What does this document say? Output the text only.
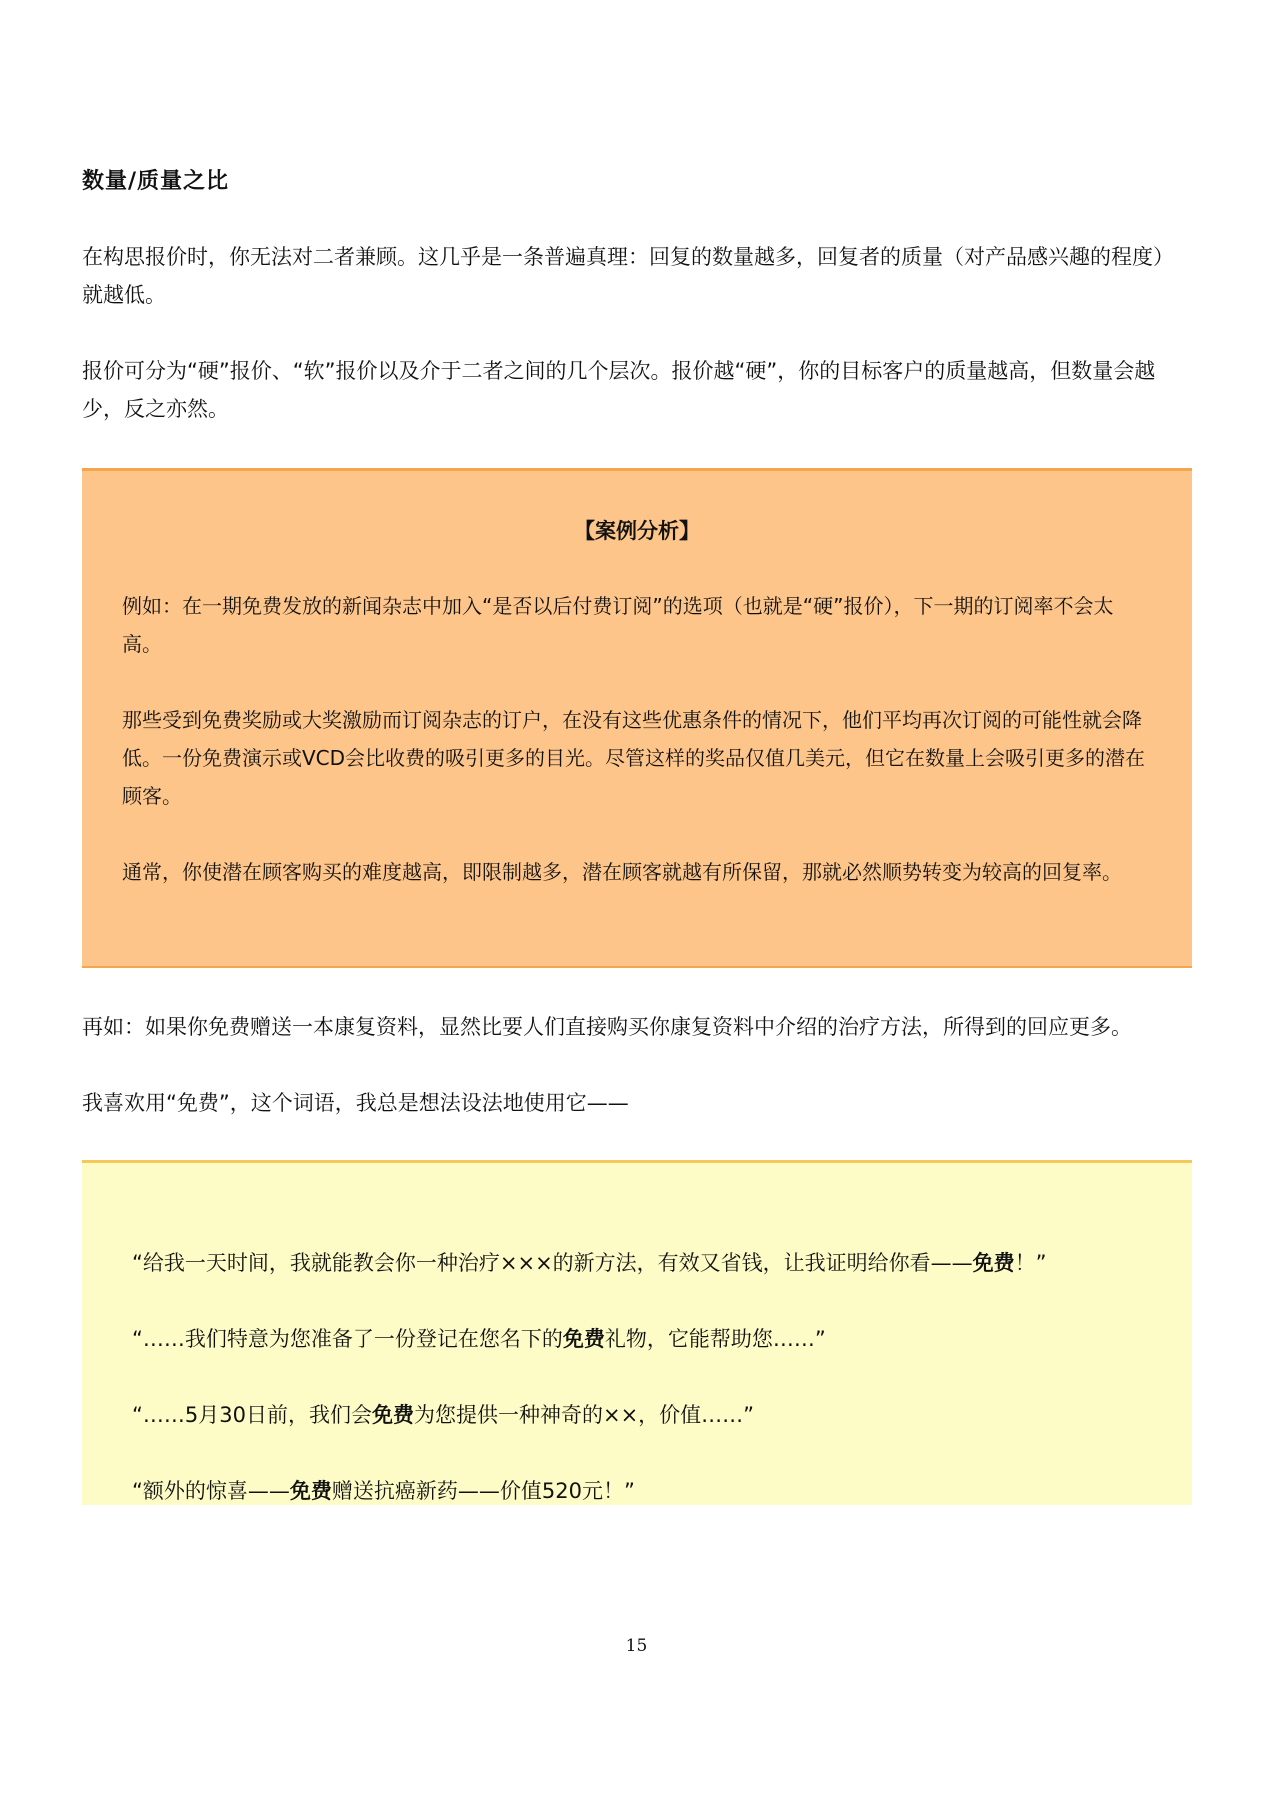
数量/质量之比
在构思报价时，你无法对二者兼顾。这几乎是一条普遍真理：回复的数量越多，回复者的质量（对产品感兴趣的程度）就越低。
报价可分为“硬”报价、“软”报价以及介于二者之间的几个层次。报价越“硬”，你的目标客户的质量越高，但数量会越少，反之亦然。
【案例分析】
例如：在一期免费发放的新闻杂志中加入“是否以后付费订阅”的选项（也就是“硬”报价），下一期的订阅率不会太高。
那些受到免费奖励或大奖激励而订阅杂志的订户，在没有这些优惠条件的情况下，他们平均再次订阅的可能性就会降低。一份免费演示或VCD会比收费的吸引更多的目光。尽管这样的奖品仅值几美元，但它在数量上会吸引更多的潜在顾客。
通常，你使潜在顾客购买的难度越高，即限制越多，潜在顾客就越有所保留，那就必然顺势转变为较高的回复率。
再如：如果你免费赠送一本康复资料，显然比要人们直接购买你康复资料中介绍的治疗方法，所得到的回应更多。
我喜欢用“免费”，这个词语，我总是想法设法地使用它——
“给我一天时间，我就能教会你一种治疗×××的新方法，有效又省钱，让我证明给你看——免费！”
“……我们特意为您准备了一份登记在您名下的免费礼物，它能帮助您……”
“……5月30日前，我们会免费为您提供一种神奇的××，价值……”
“额外的惊喜——免费赠送抗癌新药——价值520元！”
15
